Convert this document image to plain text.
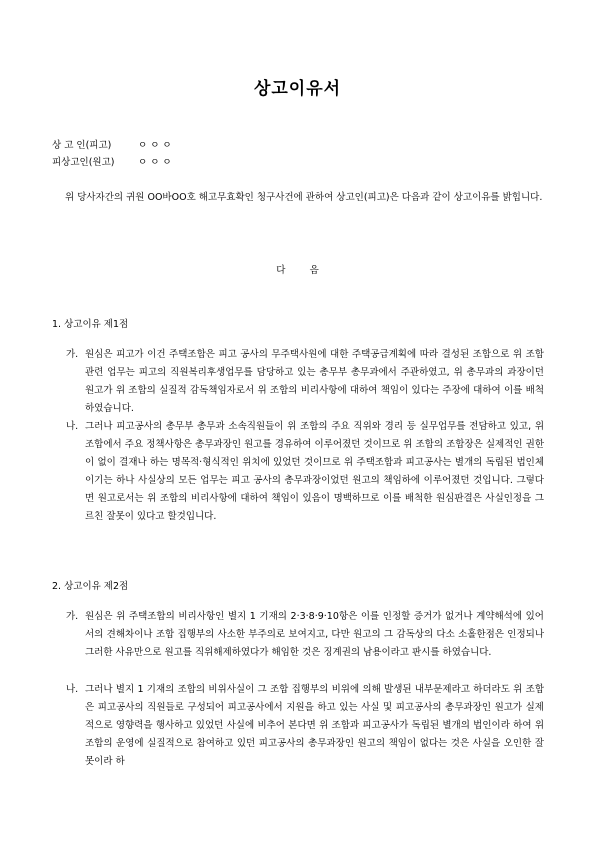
상고이유서
상 고 인(피고)	ㅇ ㅇ ㅇ
피상고인(원고) ㅇ ㅇ ㅇ
위 당사자간의 귀원 OO바OO호 해고무효확인 청구사건에 관하여 상고인(피고)은 다음과 같이 상고이유를 밝힙니다.
다        음
1. 상고이유 제1점
가. 원심은 피고가 이건 주택조합은 피고 공사의 무주택사원에 대한 주택공급계획에 따라 결성된 조합으로 위 조합관련 업무는 피고의 직원복리후생업무를 담당하고 있는 총무부 총무과에서 주관하였고, 위 총무과의 과장이던 원고가 위 조합의 실질적 감독책임자로서 위 조합의 비리사항에 대하여 책임이 있다는 주장에 대하여 이를 배척하였습니다.
나. 그러나 피고공사의 총무부 총무과 소속직원들이 위 조합의 주요 직위와 경리 등 실무업무를 전담하고 있고, 위 조합에서 주요 정책사항은 총무과장인 원고를 경유하여 이루어졌던 것이므로 위 조합의 조합장은 실제적인 권한이 없이 결재나 하는 명목적·형식적인 위치에 있었던 것이므로 위 주택조합과 피고공사는 별개의 독립된 법인체이기는 하나 사실상의 모든 업무는 피고 공사의 총무과장이었던 원고의 책임하에 이루어졌던 것입니다. 그렇다면 원고로서는 위 조합의 비리사항에 대하여 책임이 있음이 명백하므로 이를 배척한 원심판결은 사실인정을 그르친 잘못이 있다고 할것입니다.
2. 상고이유 제2점
가. 원심은 위 주택조합의 비리사항인 별지 1 기재의 2·3·8·9·10항은 이를 인정할 증거가 없거나 계약해석에 있어서의 견해차이나 조합 집행부의 사소한 부주의로 보여지고, 다만 원고의 그 감독상의 다소 소홀한점은 인정되나 그러한 사유만으로 원고를 직위해제하였다가 해임한 것은 징계권의 남용이라고 판시를 하였습니다.
나. 그러나 별지 1 기재의 조합의 비위사실이 그 조합 집행부의 비위에 의해 발생된 내부문제라고 하더라도 위 조합은 피고공사의 직원들로 구성되어 피고공사에서 지원을 하고 있는 사실 및 피고공사의 총무과장인 원고가 실제적으로 영향력을 행사하고 있었던 사실에 비추어 본다면 위 조합과 피고공사가 독립된 별개의 법인이라 하여 위 조합의 운영에 실질적으로 참여하고 있던 피고공사의 총무과장인 원고의 책임이 없다는 것은 사실을 오인한 잘못이라 하
